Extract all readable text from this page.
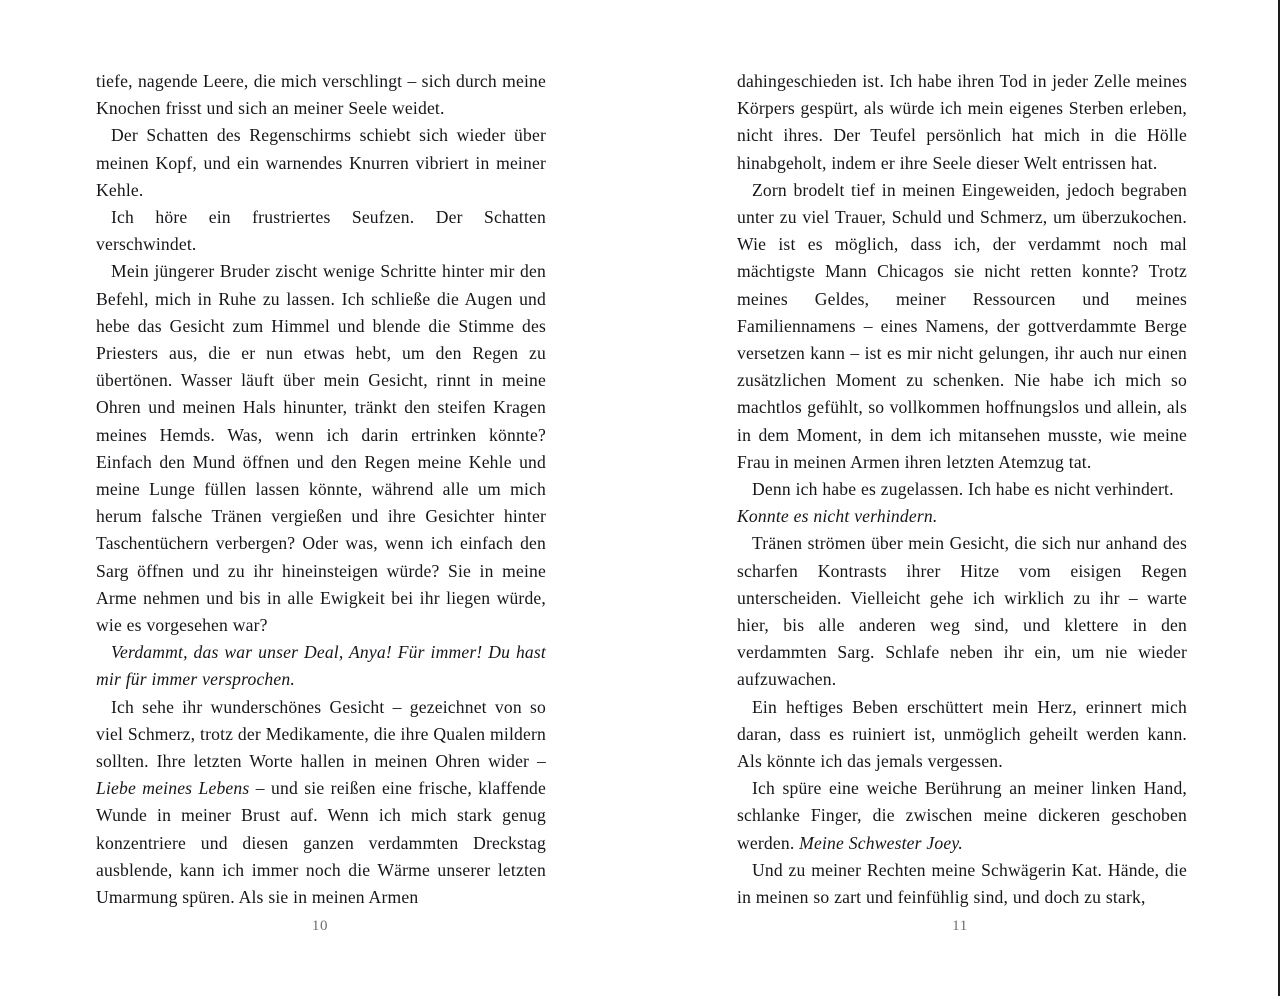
tiefe, nagende Leere, die mich verschlingt – sich durch meine Knochen frisst und sich an meiner Seele weidet.

Der Schatten des Regenschirms schiebt sich wieder über meinen Kopf, und ein warnendes Knurren vibriert in meiner Kehle.

Ich höre ein frustriertes Seufzen. Der Schatten verschwindet.

Mein jüngerer Bruder zischt wenige Schritte hinter mir den Befehl, mich in Ruhe zu lassen. Ich schließe die Augen und hebe das Gesicht zum Himmel und blende die Stimme des Priesters aus, die er nun etwas hebt, um den Regen zu übertönen. Wasser läuft über mein Gesicht, rinnt in meine Ohren und meinen Hals hinunter, tränkt den steifen Kragen meines Hemds. Was, wenn ich darin ertrinken könnte? Einfach den Mund öffnen und den Regen meine Kehle und meine Lunge füllen lassen könnte, während alle um mich herum falsche Tränen vergießen und ihre Gesichter hinter Taschentüchern verbergen? Oder was, wenn ich einfach den Sarg öffnen und zu ihr hineinsteigen würde? Sie in meine Arme nehmen und bis in alle Ewigkeit bei ihr liegen würde, wie es vorgesehen war?

Verdammt, das war unser Deal, Anya! Für immer! Du hast mir für immer versprochen.

Ich sehe ihr wunderschönes Gesicht – gezeichnet von so viel Schmerz, trotz der Medikamente, die ihre Qualen mildern sollten. Ihre letzten Worte hallen in meinen Ohren wider – Liebe meines Lebens – und sie reißen eine frische, klaffende Wunde in meiner Brust auf. Wenn ich mich stark genug konzentriere und diesen ganzen verdammten Dreckstag ausblende, kann ich immer noch die Wärme unserer letzten Umarmung spüren. Als sie in meinen Armen

10

dahingeschieden ist. Ich habe ihren Tod in jeder Zelle meines Körpers gespürt, als würde ich mein eigenes Sterben erleben, nicht ihres. Der Teufel persönlich hat mich in die Hölle hinabgeholt, indem er ihre Seele dieser Welt entrissen hat.

Zorn brodelt tief in meinen Eingeweiden, jedoch begraben unter zu viel Trauer, Schuld und Schmerz, um überzukochen. Wie ist es möglich, dass ich, der verdammt noch mal mächtigste Mann Chicagos sie nicht retten konnte? Trotz meines Geldes, meiner Ressourcen und meines Familiennamens – eines Namens, der gottverdammte Berge versetzen kann – ist es mir nicht gelungen, ihr auch nur einen zusätzlichen Moment zu schenken. Nie habe ich mich so machtlos gefühlt, so vollkommen hoffnungslos und allein, als in dem Moment, in dem ich mitansehen musste, wie meine Frau in meinen Armen ihren letzten Atemzug tat.

Denn ich habe es zugelassen. Ich habe es nicht verhindert.

Konnte es nicht verhindern.

Tränen strömen über mein Gesicht, die sich nur anhand des scharfen Kontrasts ihrer Hitze vom eisigen Regen unterscheiden. Vielleicht gehe ich wirklich zu ihr – warte hier, bis alle anderen weg sind, und klettere in den verdammten Sarg. Schlafe neben ihr ein, um nie wieder aufzuwachen.

Ein heftiges Beben erschüttert mein Herz, erinnert mich daran, dass es ruiniert ist, unmöglich geheilt werden kann. Als könnte ich das jemals vergessen.

Ich spüre eine weiche Berührung an meiner linken Hand, schlanke Finger, die zwischen meine dickeren geschoben werden. Meine Schwester Joey.

Und zu meiner Rechten meine Schwägerin Kat. Hände, die in meinen so zart und feinfühlig sind, und doch zu stark,

11
